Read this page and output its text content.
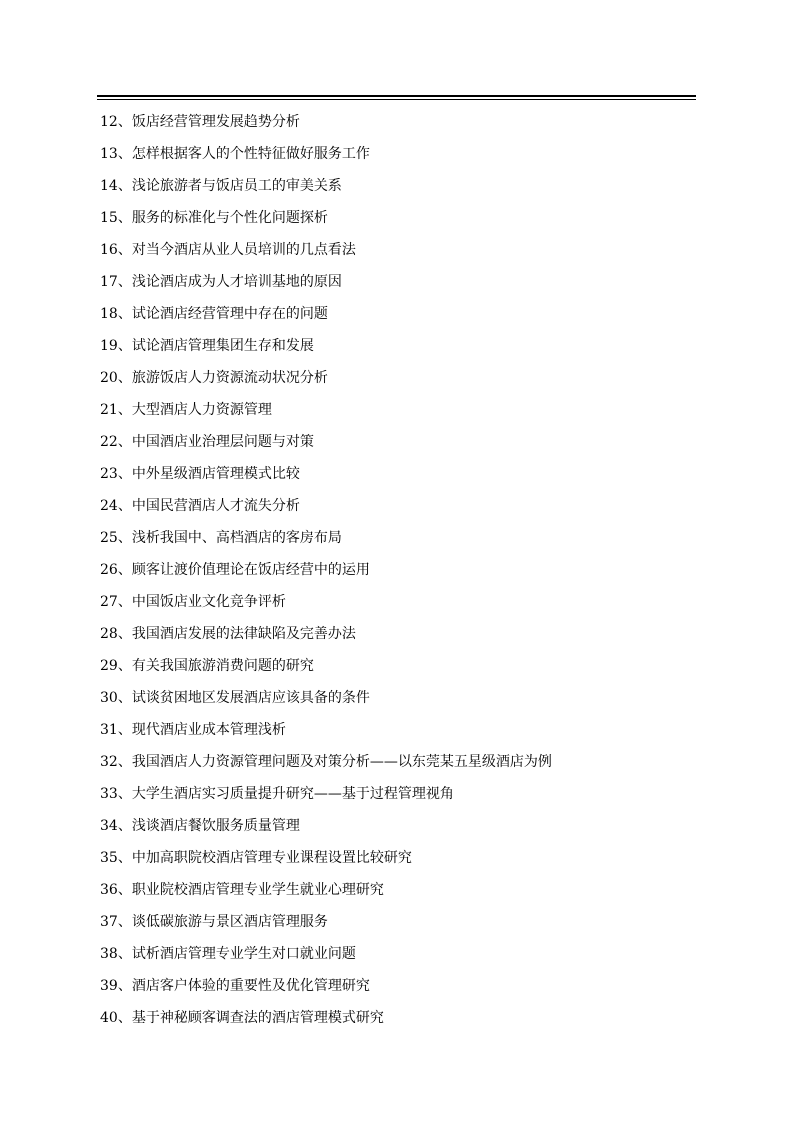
12、饭店经营管理发展趋势分析
13、怎样根据客人的个性特征做好服务工作
14、浅论旅游者与饭店员工的审美关系
15、服务的标准化与个性化问题探析
16、对当今酒店从业人员培训的几点看法
17、浅论酒店成为人才培训基地的原因
18、试论酒店经营管理中存在的问题
19、试论酒店管理集团生存和发展
20、旅游饭店人力资源流动状况分析
21、大型酒店人力资源管理
22、中国酒店业治理层问题与对策
23、中外星级酒店管理模式比较
24、中国民营酒店人才流失分析
25、浅析我国中、高档酒店的客房布局
26、顾客让渡价值理论在饭店经营中的运用
27、中国饭店业文化竞争评析
28、我国酒店发展的法律缺陷及完善办法
29、有关我国旅游消费问题的研究
30、试谈贫困地区发展酒店应该具备的条件
31、现代酒店业成本管理浅析
32、我国酒店人力资源管理问题及对策分析——以东莞某五星级酒店为例
33、大学生酒店实习质量提升研究——基于过程管理视角
34、浅谈酒店餐饮服务质量管理
35、中加高职院校酒店管理专业课程设置比较研究
36、职业院校酒店管理专业学生就业心理研究
37、谈低碳旅游与景区酒店管理服务
38、试析酒店管理专业学生对口就业问题
39、酒店客户体验的重要性及优化管理研究
40、基于神秘顾客调查法的酒店管理模式研究
